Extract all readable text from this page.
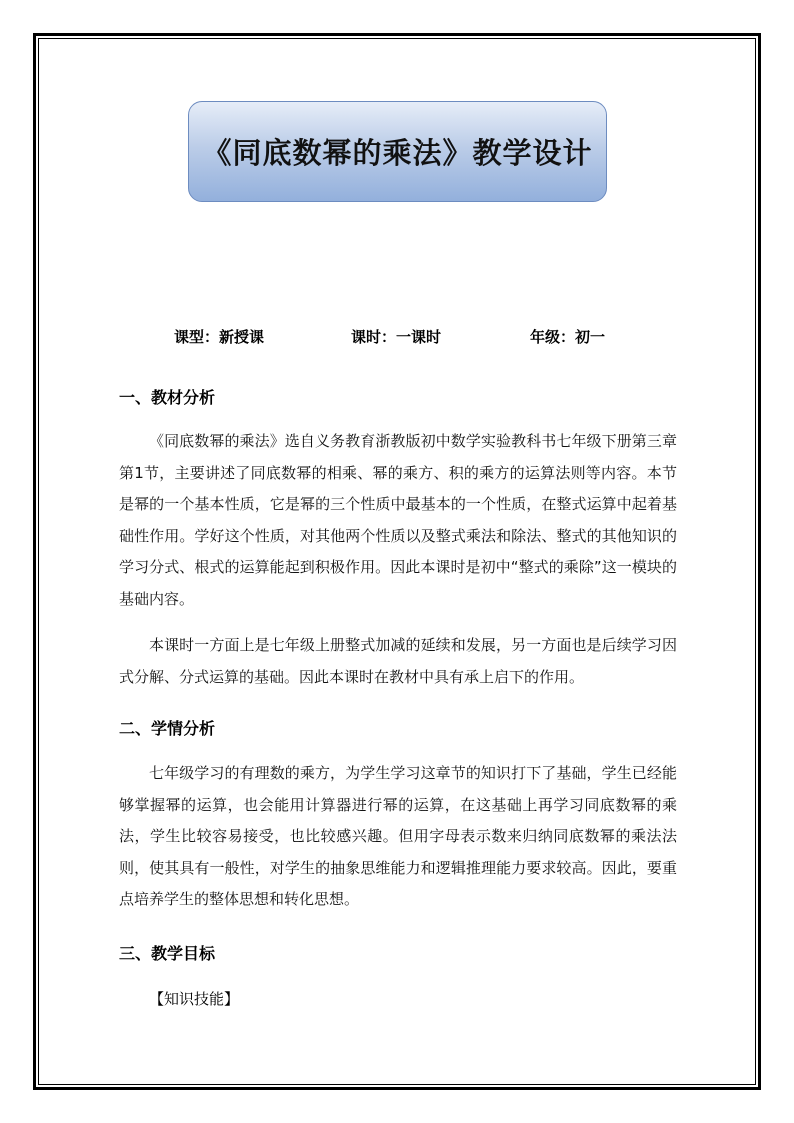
《同底数幂的乘法》教学设计
课型：新授课	课时：一课时	年级：初一
一、教材分析

《同底数幂的乘法》选自义务教育浙教版初中数学实验教科书七年级下册第三章第1节，主要讲述了同底数幂的相乘、幂的乘方、积的乘方的运算法则等内容。本节是幂的一个基本性质，它是幂的三个性质中最基本的一个性质，在整式运算中起着基础性作用。学好这个性质，对其他两个性质以及整式乘法和除法、整式的其他知识的学习分式、根式的运算能起到积极作用。因此本课时是初中“整式的乘除”这一模块的基础内容。

本课时一方面上是七年级上册整式加减的延续和发展，另一方面也是后续学习因式分解、分式运算的基础。因此本课时在教材中具有承上启下的作用。

二、学情分析

七年级学习的有理数的乘方，为学生学习这章节的知识打下了基础，学生已经能够掌握幂的运算，也会能用计算器进行幂的运算，在这基础上再学习同底数幂的乘法，学生比较容易接受，也比较感兴趣。但用字母表示数来归纳同底数幂的乘法法则，使其具有一般性，对学生的抽象思维能力和逻辑推理能力要求较高。因此，要重点培养学生的整体思想和转化思想。

三、教学目标
【知识技能】
